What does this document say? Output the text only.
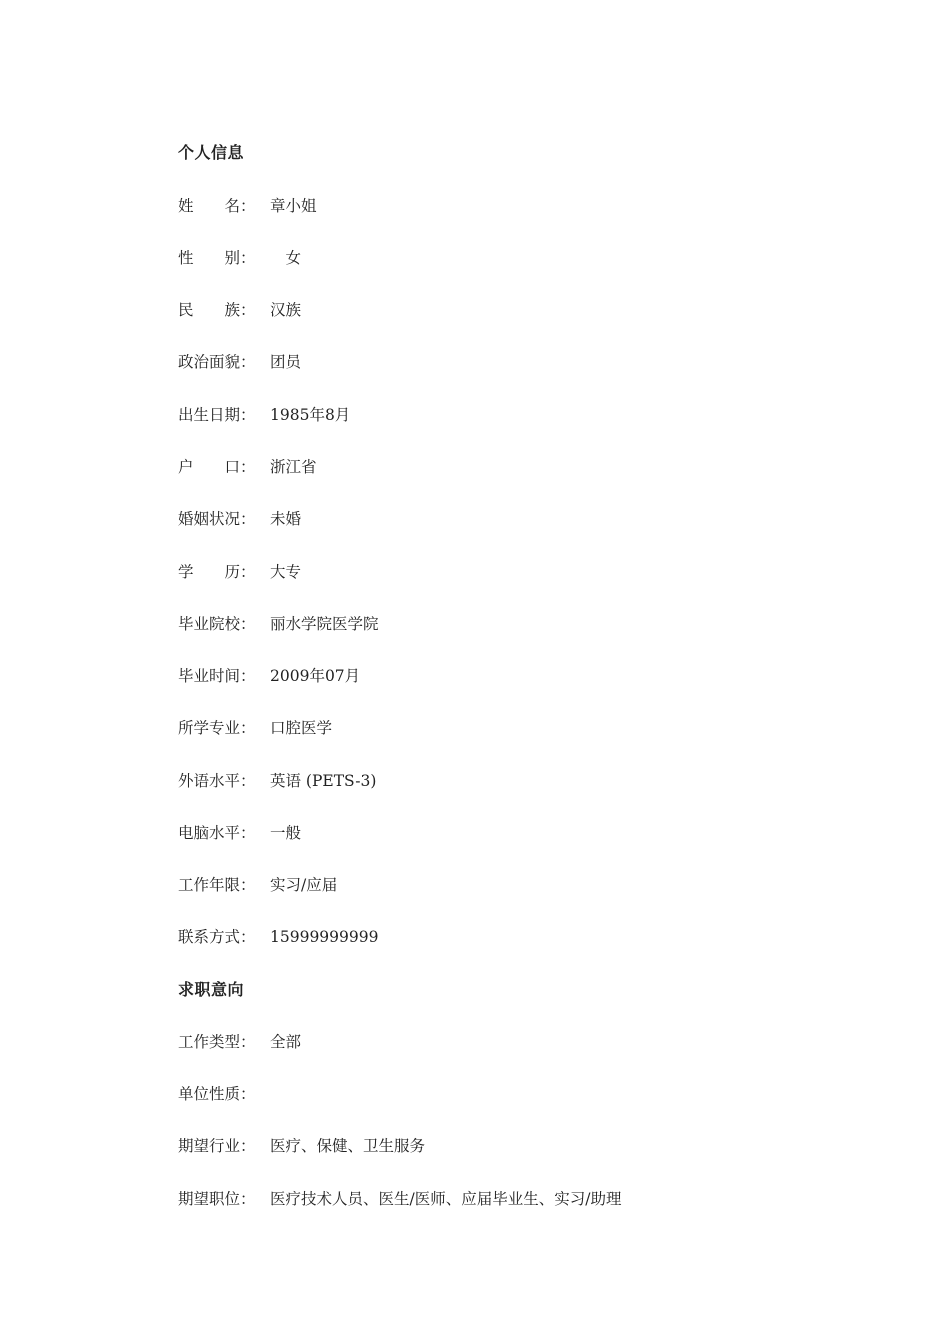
个人信息
姓　　名： 章小姐
性　　别： 　女
民　　族： 汉族
政治面貌： 团员
出生日期： 1985年8月
户　　口： 浙江省
婚姻状况： 未婚
学　　历： 大专
毕业院校： 丽水学院医学院
毕业时间： 2009年07月
所学专业： 口腔医学
外语水平： 英语 (PETS-3)
电脑水平： 一般
工作年限： 实习/应届
联系方式： 15999999999
求职意向
工作类型： 全部
单位性质：
期望行业： 医疗、保健、卫生服务
期望职位： 医疗技术人员、医生/医师、应届毕业生、实习/助理
